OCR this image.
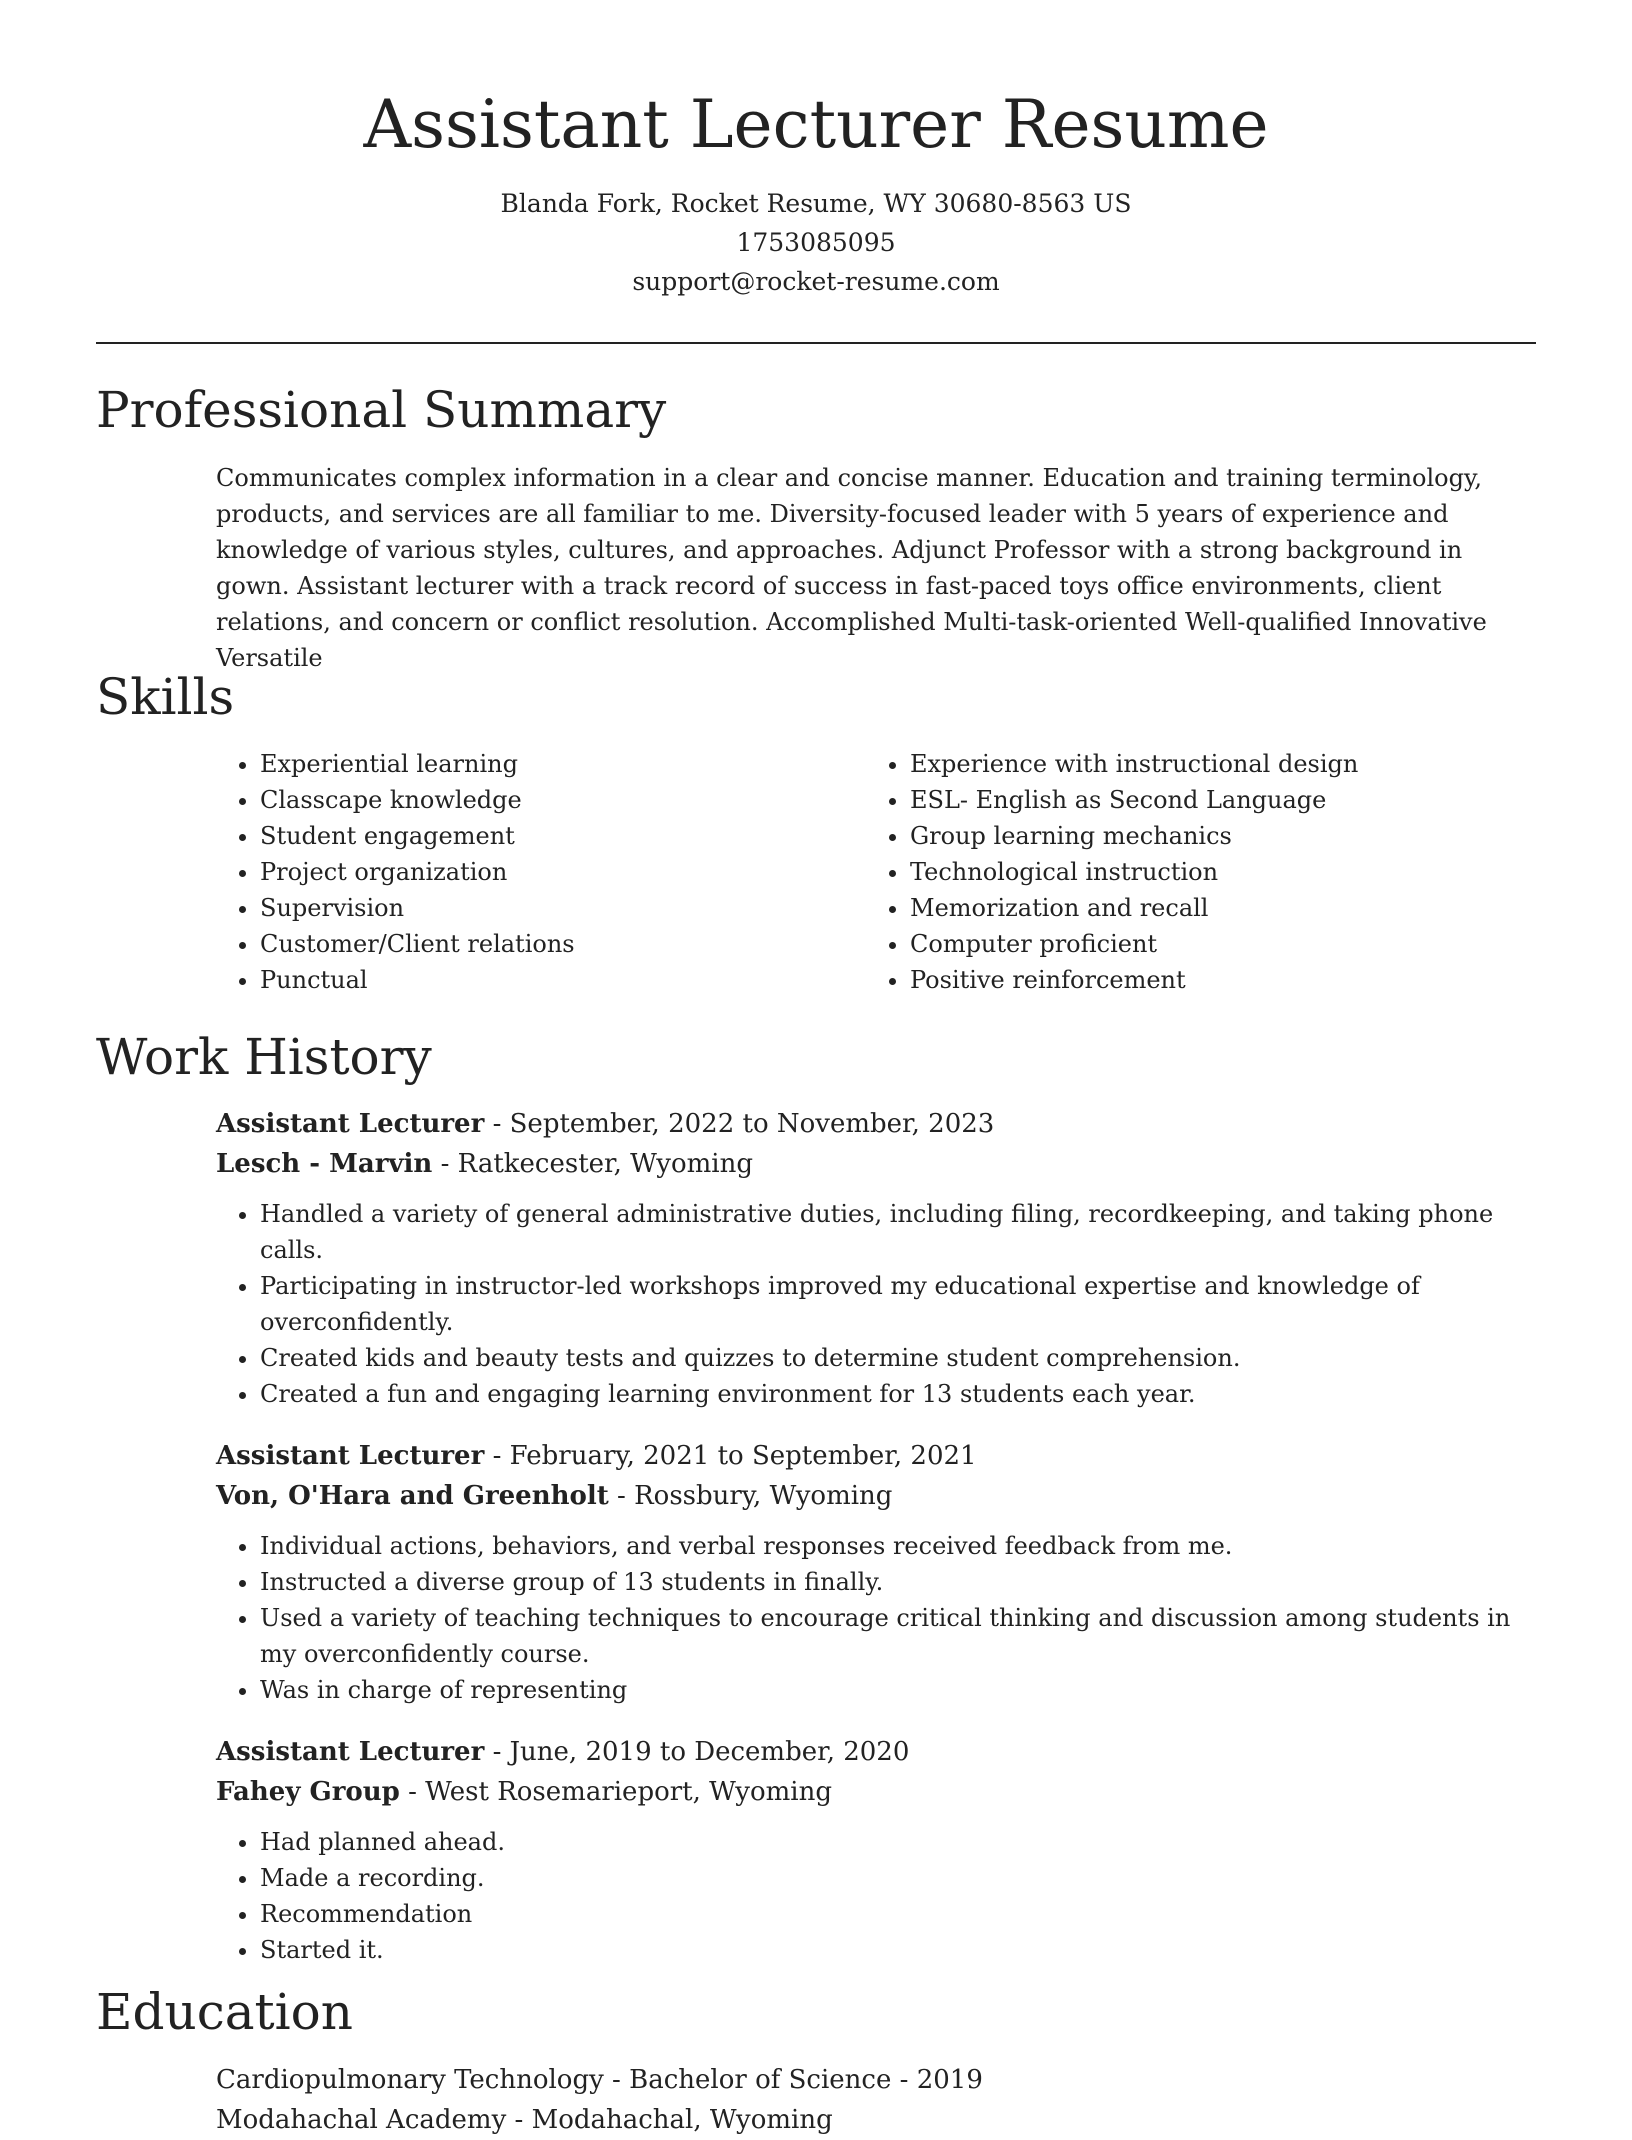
Assistant Lecturer Resume
Blanda Fork, Rocket Resume, WY 30680-8563 US
1753085095
support@rocket-resume.com
Professional Summary

Communicates complex information in a clear and concise manner. Education and training terminology, products, and services are all familiar to me. Diversity-focused leader with 5 years of experience and knowledge of various styles, cultures, and approaches. Adjunct Professor with a strong background in gown. Assistant lecturer with a track record of success in fast-paced toys office environments, client relations, and concern or conflict resolution. Accomplished Multi-task-oriented Well-qualified Innovative Versatile

Skills
• Experiential learning
• Classcape knowledge
• Student engagement
• Project organization
• Supervision
• Customer/Client relations
• Punctual
• Experience with instructional design
• ESL- English as Second Language
• Group learning mechanics
• Technological instruction
• Memorization and recall
• Computer proficient
• Positive reinforcement
Work History
Assistant Lecturer - September, 2022 to November, 2023
Lesch - Marvin - Ratkecester, Wyoming
• Handled a variety of general administrative duties, including filing, recordkeeping, and taking phone calls.
• Participating in instructor-led workshops improved my educational expertise and knowledge of overconfidently.
• Created kids and beauty tests and quizzes to determine student comprehension.
• Created a fun and engaging learning environment for 13 students each year.
Assistant Lecturer - February, 2021 to September, 2021
Von, O'Hara and Greenholt - Rossbury, Wyoming
• Individual actions, behaviors, and verbal responses received feedback from me.
• Instructed a diverse group of 13 students in finally.
• Used a variety of teaching techniques to encourage critical thinking and discussion among students in my overconfidently course.
• Was in charge of representing
Assistant Lecturer - June, 2019 to December, 2020
Fahey Group - West Rosemarieport, Wyoming
• Had planned ahead.
• Made a recording.
• Recommendation
• Started it.
Education
Cardiopulmonary Technology - Bachelor of Science - 2019
Modahachal Academy - Modahachal, Wyoming
